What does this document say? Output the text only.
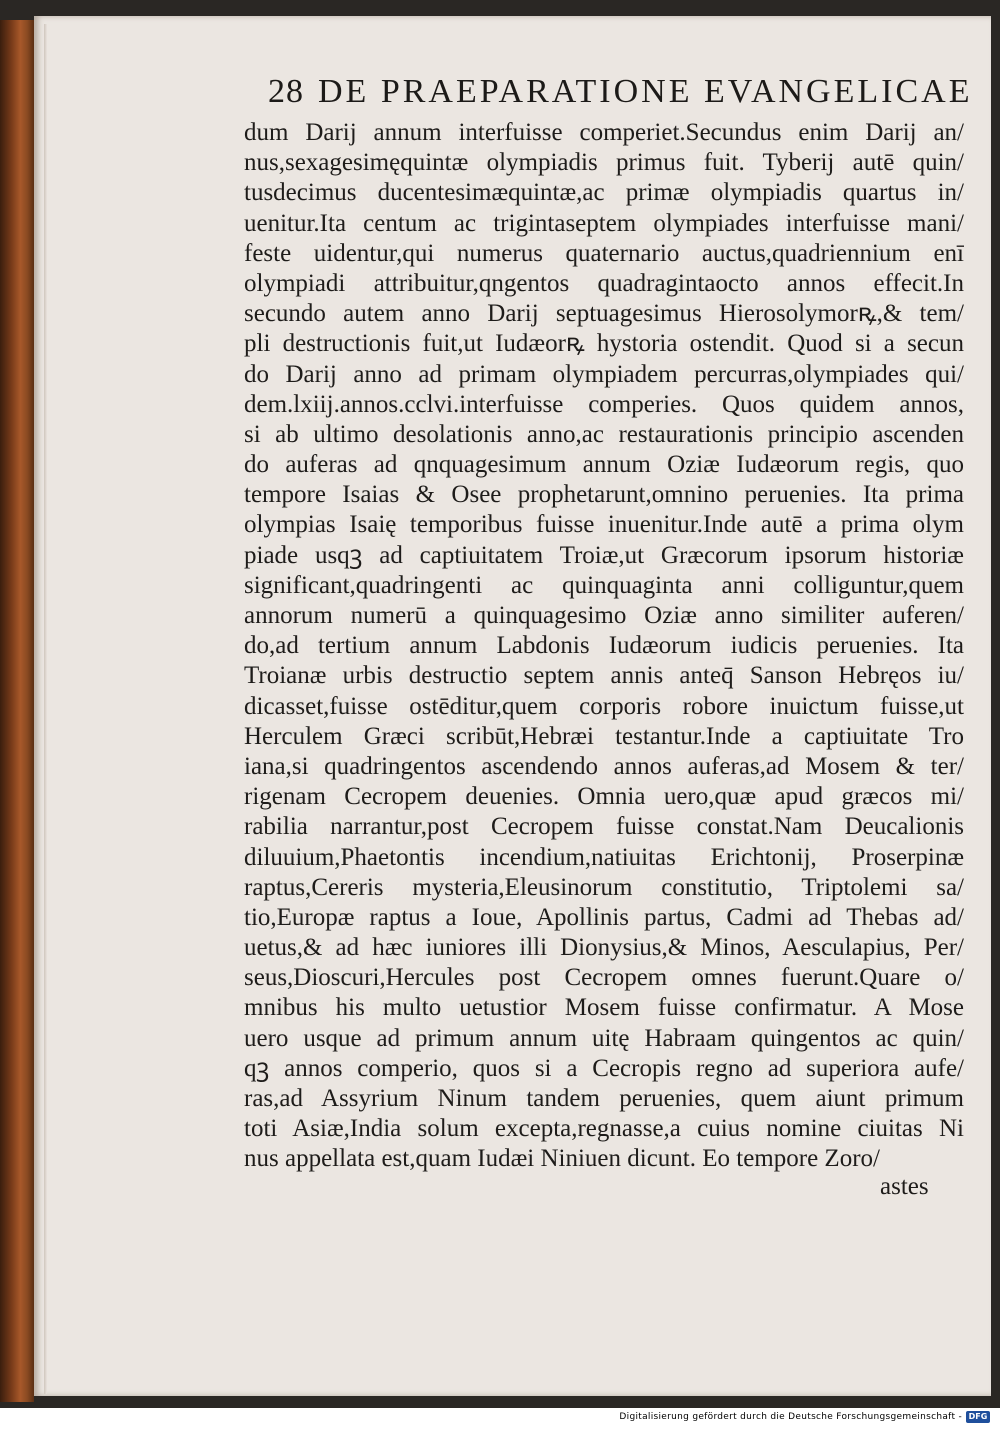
28 DE PRAEPARATIONE EVANGELICAE
dum Darij annum interfuisse comperiet.Secundus enim Darij an/
nus,sexagesimęquintæ olympiadis primus fuit. Tyberij autē quin/
tusdecimus ducentesimæquintæ,ac primæ olympiadis quartus in/
uenitur.Ita centum ac trigintaseptem olympiades interfuisse mani/
feste uidentur,qui numerus quaternario auctus,quadriennium enī
olympiadi attribuitur,qngentos quadragintaocto annos effecit.In
secundo autem anno Darij septuagesimus Hierosolymorꝶ,& tem/
pli destructionis fuit,ut Iudæorꝶ hystoria ostendit. Quod si a secun
do Darij anno ad primam olympiadem percurras,olympiades qui/
dem.lxiij.annos.cclvi.interfuisse comperies. Quos quidem annos,
si ab ultimo desolationis anno,ac restaurationis principio ascenden
do auferas ad qnquagesimum annum Oziæ Iudæorum regis, quo
tempore Isaias & Osee prophetarunt,omnino peruenies. Ita prima
olympias Isaię temporibus fuisse inuenitur.Inde autē a prima olym
piade usqꝫ ad captiuitatem Troiæ,ut Græcorum ipsorum historiæ
significant,quadringenti ac quinquaginta anni colliguntur,quem
annorum numerū a quinquagesimo Oziæ anno similiter auferen/
do,ad tertium annum Labdonis Iudæorum iudicis peruenies. Ita
Troianæ urbis destructio septem annis anteq̄ Sanson Hebręos iu/
dicasset,fuisse ostēditur,quem corporis robore inuictum fuisse,ut
Herculem Græci scribūt,Hebræi testantur.Inde a captiuitate Tro
iana,si quadringentos ascendendo annos auferas,ad Mosem & ter/
rigenam Cecropem deuenies. Omnia uero,quæ apud græcos mi/
rabilia narrantur,post Cecropem fuisse constat.Nam Deucalionis
diluuium,Phaetontis incendium,natiuitas Erichtonij, Proserpinæ
raptus,Cereris mysteria,Eleusinorum constitutio, Triptolemi sa/
tio,Europæ raptus a Ioue, Apollinis partus, Cadmi ad Thebas ad/
uetus,& ad hæc iuniores illi Dionysius,& Minos, Aesculapius, Per/
seus,Dioscuri,Hercules post Cecropem omnes fuerunt.Quare o/
mnibus his multo uetustior Mosem fuisse confirmatur. A Mose
uero usque ad primum annum uitę Habraam quingentos ac quin/
qꝫ annos comperio, quos si a Cecropis regno ad superiora aufe/
ras,ad Assyrium Ninum tandem peruenies, quem aiunt primum
toti Asiæ,India solum excepta,regnasse,a cuius nomine ciuitas Ni
nus appellata est,quam Iudæi Niniuen dicunt. Eo tempore Zoro/
astes
Digitalisierung gefördert durch die Deutsche Forschungsgemeinschaft - DFG
